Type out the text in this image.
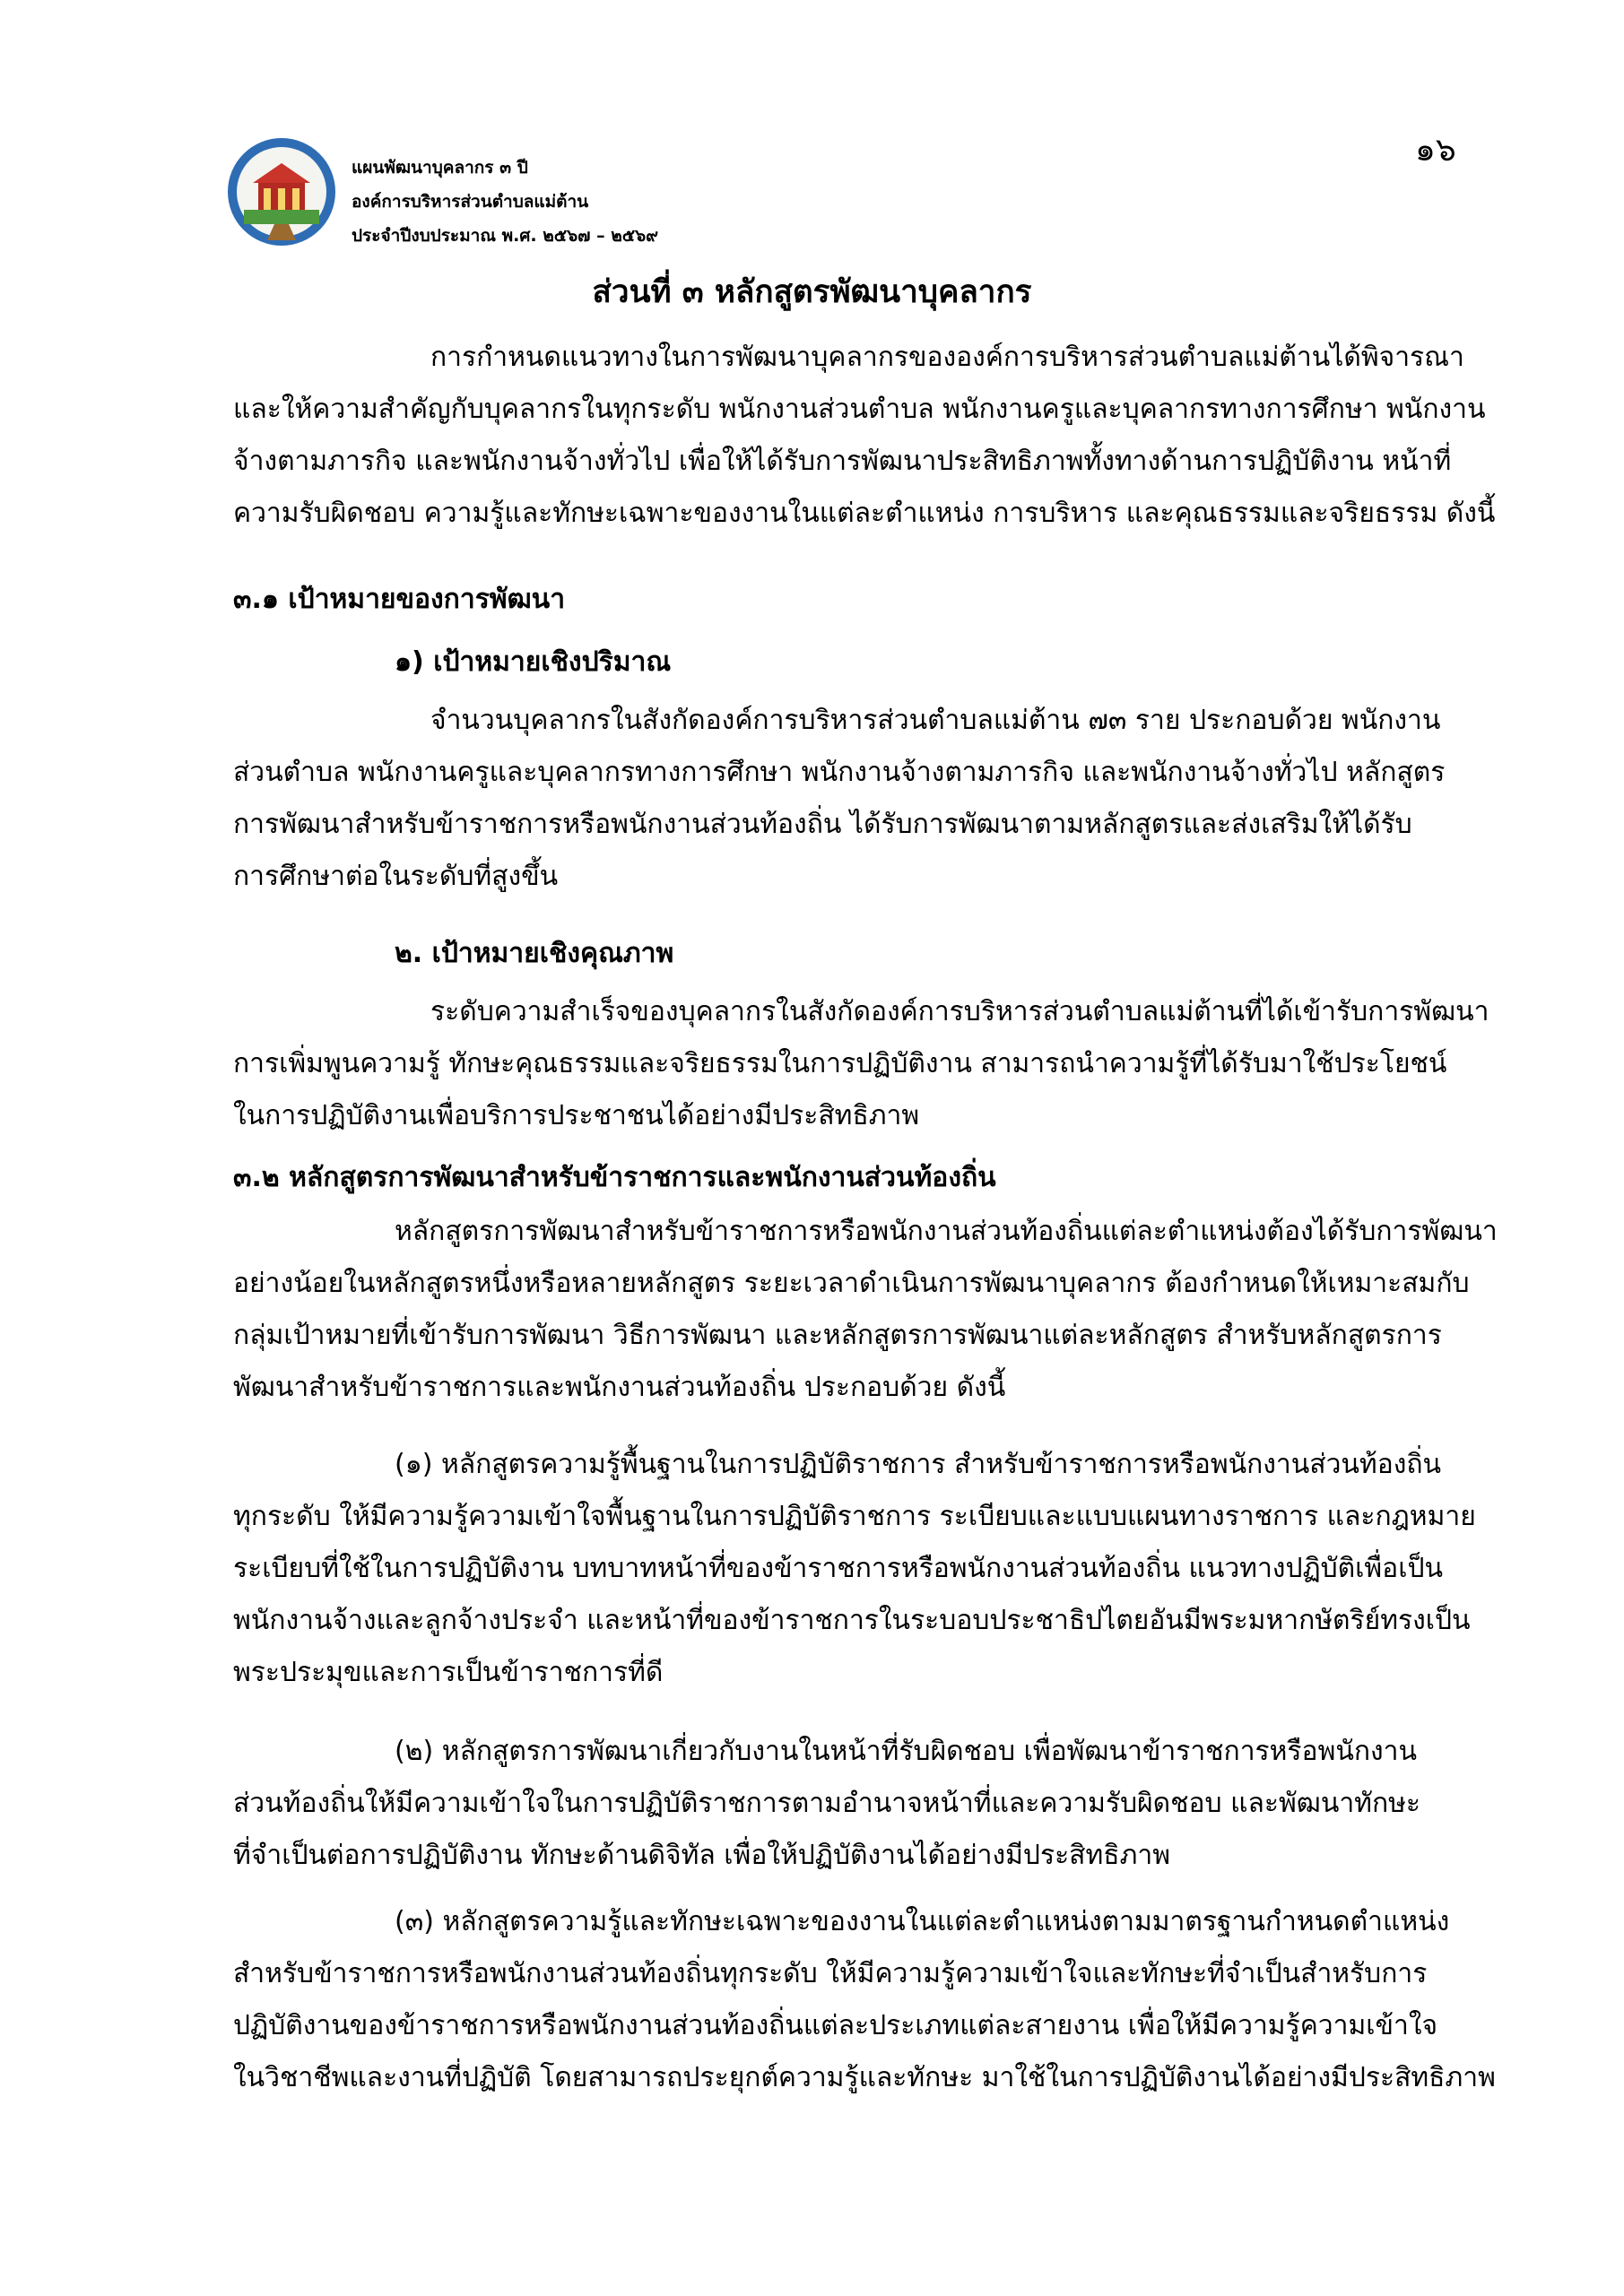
แผนพัฒนาบุคลากร ๓ ปี
องค์การบริหารส่วนตำบลแม่ต้าน
ประจำปีงบประมาณ พ.ศ. ๒๕๖๗ – ๒๕๖๙
๑๖
ส่วนที่ ๓ หลักสูตรพัฒนาบุคลากร
การกำหนดแนวทางในการพัฒนาบุคลากรขององค์การบริหารส่วนตำบลแม่ต้านได้พิจารณา
และให้ความสำคัญกับบุคลากรในทุกระดับ พนักงานส่วนตำบล พนักงานครูและบุคลากรทางการศึกษา พนักงาน
จ้างตามภารกิจ และพนักงานจ้างทั่วไป เพื่อให้ได้รับการพัฒนาประสิทธิภาพทั้งทางด้านการปฏิบัติงาน หน้าที่
ความรับผิดชอบ ความรู้และทักษะเฉพาะของงานในแต่ละตำแหน่ง การบริหาร และคุณธรรมและจริยธรรม ดังนี้
๓.๑ เป้าหมายของการพัฒนา
๑) เป้าหมายเชิงปริมาณ
จำนวนบุคลากรในสังกัดองค์การบริหารส่วนตำบลแม่ต้าน ๗๓ ราย ประกอบด้วย พนักงาน
ส่วนตำบล พนักงานครูและบุคลากรทางการศึกษา พนักงานจ้างตามภารกิจ และพนักงานจ้างทั่วไป หลักสูตร
การพัฒนาสำหรับข้าราชการหรือพนักงานส่วนท้องถิ่น ได้รับการพัฒนาตามหลักสูตรและส่งเสริมให้ได้รับ
การศึกษาต่อในระดับที่สูงขึ้น
๒. เป้าหมายเชิงคุณภาพ
ระดับความสำเร็จของบุคลากรในสังกัดองค์การบริหารส่วนตำบลแม่ต้านที่ได้เข้ารับการพัฒนา
การเพิ่มพูนความรู้ ทักษะคุณธรรมและจริยธรรมในการปฏิบัติงาน สามารถนำความรู้ที่ได้รับมาใช้ประโยชน์
ในการปฏิบัติงานเพื่อบริการประชาชนได้อย่างมีประสิทธิภาพ
๓.๒ หลักสูตรการพัฒนาสำหรับข้าราชการและพนักงานส่วนท้องถิ่น
หลักสูตรการพัฒนาสำหรับข้าราชการหรือพนักงานส่วนท้องถิ่นแต่ละตำแหน่งต้องได้รับการพัฒนา
อย่างน้อยในหลักสูตรหนึ่งหรือหลายหลักสูตร ระยะเวลาดำเนินการพัฒนาบุคลากร ต้องกำหนดให้เหมาะสมกับ
กลุ่มเป้าหมายที่เข้ารับการพัฒนา วิธีการพัฒนา และหลักสูตรการพัฒนาแต่ละหลักสูตร สำหรับหลักสูตรการ
พัฒนาสำหรับข้าราชการและพนักงานส่วนท้องถิ่น ประกอบด้วย ดังนี้
(๑) หลักสูตรความรู้พื้นฐานในการปฏิบัติราชการ สำหรับข้าราชการหรือพนักงานส่วนท้องถิ่น
ทุกระดับ ให้มีความรู้ความเข้าใจพื้นฐานในการปฏิบัติราชการ ระเบียบและแบบแผนทางราชการ และกฎหมาย
ระเบียบที่ใช้ในการปฏิบัติงาน บทบาทหน้าที่ของข้าราชการหรือพนักงานส่วนท้องถิ่น แนวทางปฏิบัติเพื่อเป็น
พนักงานจ้างและลูกจ้างประจำ และหน้าที่ของข้าราชการในระบอบประชาธิปไตยอันมีพระมหากษัตริย์ทรงเป็น
พระประมุขและการเป็นข้าราชการที่ดี
(๒) หลักสูตรการพัฒนาเกี่ยวกับงานในหน้าที่รับผิดชอบ เพื่อพัฒนาข้าราชการหรือพนักงาน
ส่วนท้องถิ่นให้มีความเข้าใจในการปฏิบัติราชการตามอำนาจหน้าที่และความรับผิดชอบ และพัฒนาทักษะ
ที่จำเป็นต่อการปฏิบัติงาน ทักษะด้านดิจิทัล เพื่อให้ปฏิบัติงานได้อย่างมีประสิทธิภาพ
(๓) หลักสูตรความรู้และทักษะเฉพาะของงานในแต่ละตำแหน่งตามมาตรฐานกำหนดตำแหน่ง
สำหรับข้าราชการหรือพนักงานส่วนท้องถิ่นทุกระดับ ให้มีความรู้ความเข้าใจและทักษะที่จำเป็นสำหรับการ
ปฏิบัติงานของข้าราชการหรือพนักงานส่วนท้องถิ่นแต่ละประเภทแต่ละสายงาน เพื่อให้มีความรู้ความเข้าใจ
ในวิชาชีพและงานที่ปฏิบัติ โดยสามารถประยุกต์ความรู้และทักษะ มาใช้ในการปฏิบัติงานได้อย่างมีประสิทธิภาพ
